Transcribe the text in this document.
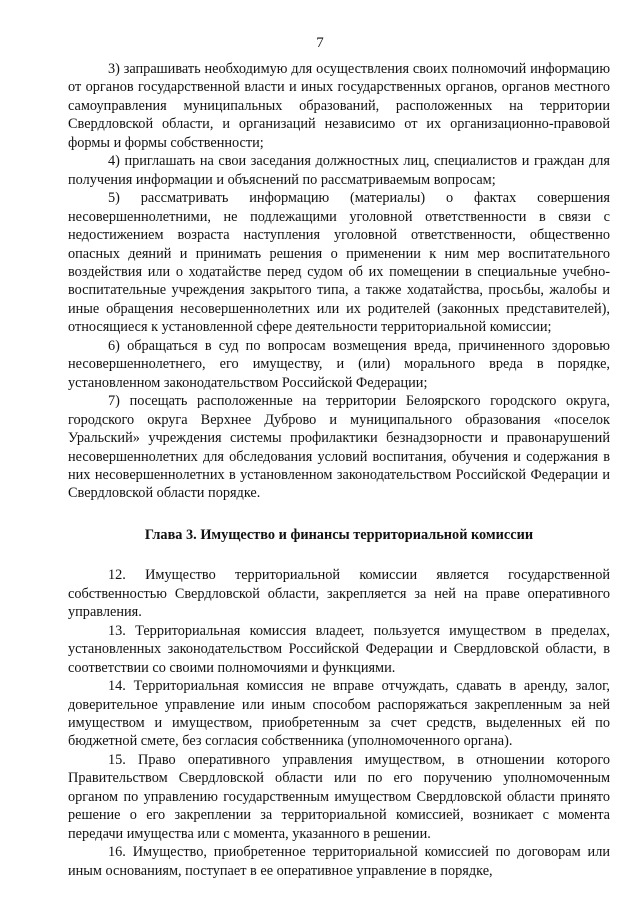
7

3) запрашивать необходимую для осуществления своих полномочий информацию от органов государственной власти и иных государственных органов, органов местного самоуправления муниципальных образований, расположенных на территории Свердловской области, и организаций независимо от их организационно-правовой формы и формы собственности;

4) приглашать на свои заседания должностных лиц, специалистов и граждан для получения информации и объяснений по рассматриваемым вопросам;

5) рассматривать информацию (материалы) о фактах совершения несовершеннолетними, не подлежащими уголовной ответственности в связи с недостижением возраста наступления уголовной ответственности, общественно опасных деяний и принимать решения о применении к ним мер воспитательного воздействия или о ходатайстве перед судом об их помещении в специальные учебно-воспитательные учреждения закрытого типа, а также ходатайства, просьбы, жалобы и иные обращения несовершеннолетних или их родителей (законных представителей), относящиеся к установленной сфере деятельности территориальной комиссии;

6) обращаться в суд по вопросам возмещения вреда, причиненного здоровью несовершеннолетнего, его имуществу, и (или) морального вреда в порядке, установленном законодательством Российской Федерации;

7) посещать расположенные на территории Белоярского городского округа, городского округа Верхнее Дуброво и муниципального образования «поселок Уральский» учреждения системы профилактики безнадзорности и правонарушений несовершеннолетних для обследования условий воспитания, обучения и содержания в них несовершеннолетних в установленном законодательством Российской Федерации и Свердловской области порядке.

Глава 3. Имущество и финансы территориальной комиссии

12. Имущество территориальной комиссии является государственной собственностью Свердловской области, закрепляется за ней на праве оперативного управления.

13. Территориальная комиссия владеет, пользуется имуществом в пределах, установленных законодательством Российской Федерации и Свердловской области, в соответствии со своими полномочиями и функциями.

14. Территориальная комиссия не вправе отчуждать, сдавать в аренду, залог, доверительное управление или иным способом распоряжаться закрепленным за ней имуществом и имуществом, приобретенным за счет средств, выделенных ей по бюджетной смете, без согласия собственника (уполномоченного органа).

15. Право оперативного управления имуществом, в отношении которого Правительством Свердловской области или по его поручению уполномоченным органом по управлению государственным имуществом Свердловской области принято решение о его закреплении за территориальной комиссией, возникает с момента передачи имущества или с момента, указанного в решении.

16. Имущество, приобретенное территориальной комиссией по договорам или иным основаниям, поступает в ее оперативное управление в порядке,
